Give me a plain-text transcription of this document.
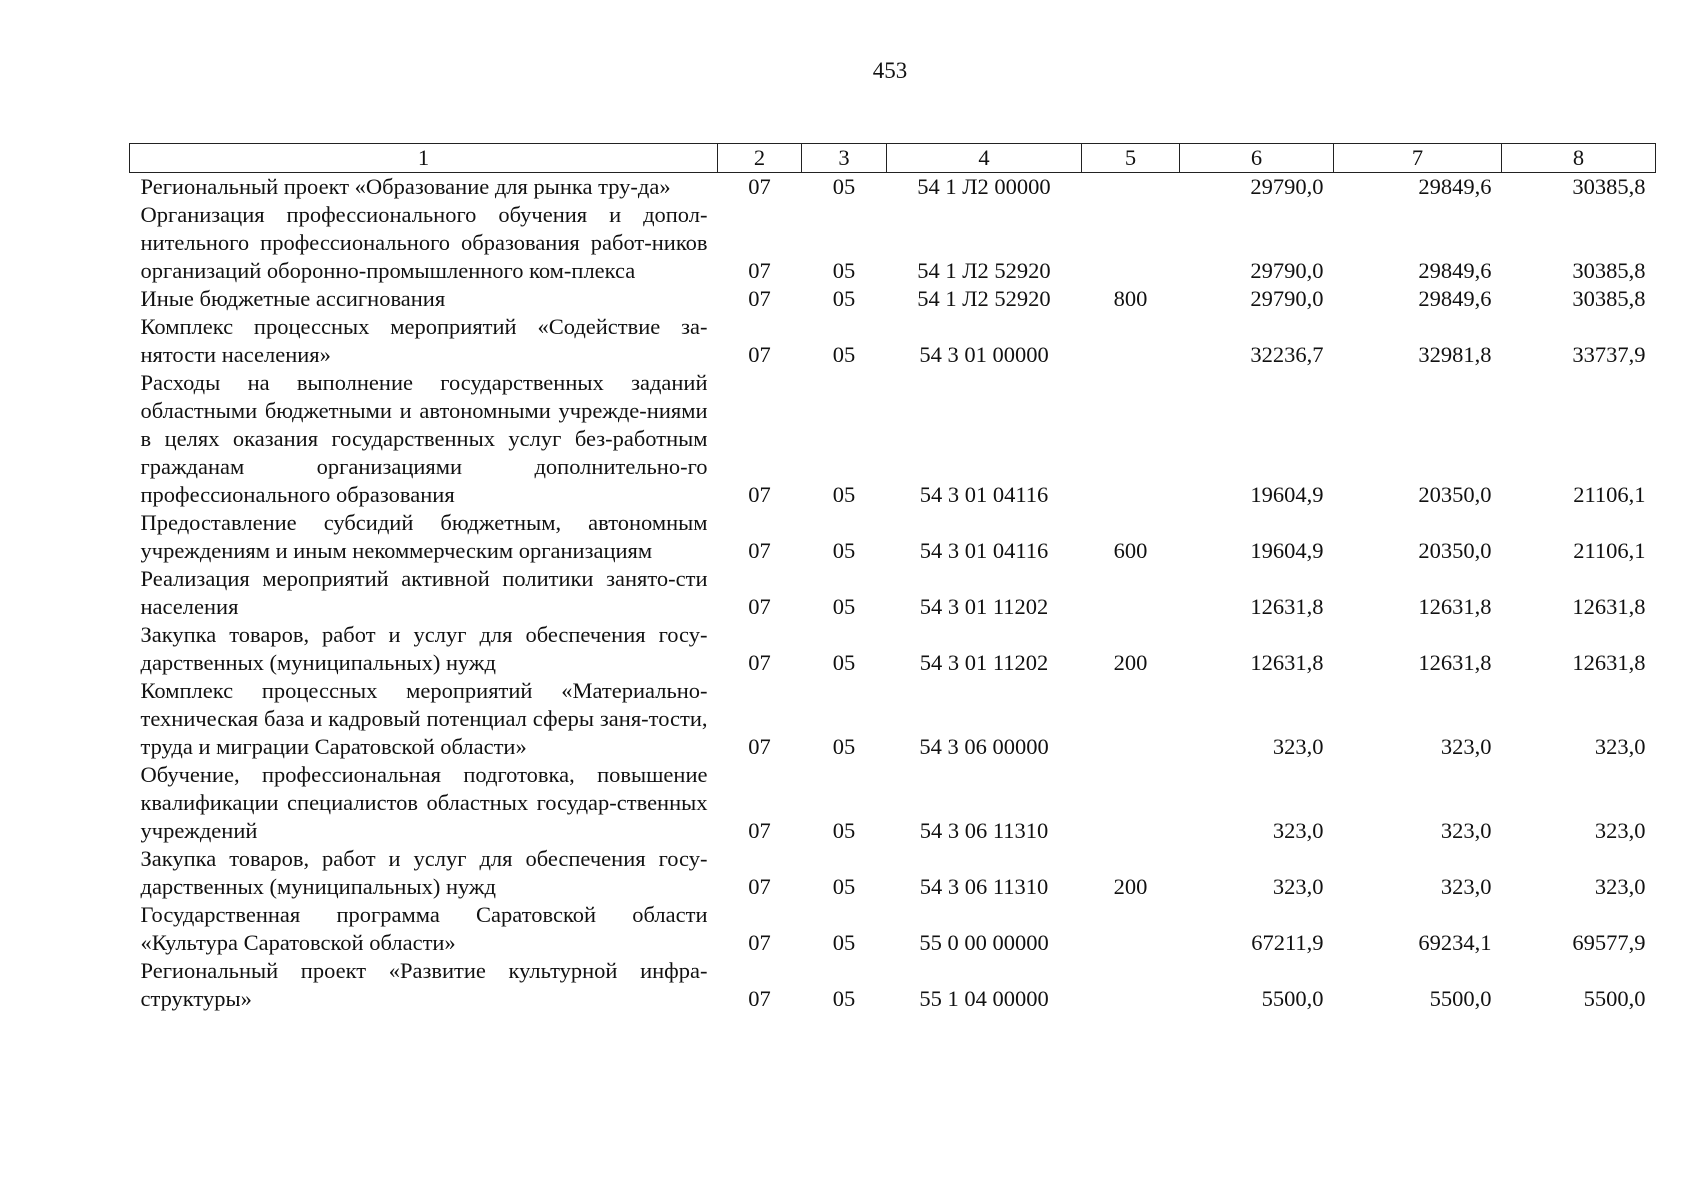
453
1	2	3	4	5	6	7	8
Региональный проект «Образование для рынка тру-да»	07	05	54 1 Л2 00000		29790,0	29849,6	30385,8
Организация профессионального обучения и допол-нительного профессионального образования работ-ников организаций оборонно-промышленного ком-плекса	07	05	54 1 Л2 52920		29790,0	29849,6	30385,8
Иные бюджетные ассигнования	07	05	54 1 Л2 52920	800	29790,0	29849,6	30385,8
Комплекс процессных мероприятий «Содействие за-нятости населения»	07	05	54 3 01 00000		32236,7	32981,8	33737,9
Расходы на выполнение государственных заданий областными бюджетными и автономными учрежде-ниями в целях оказания государственных услуг без-работным гражданам организациями дополнительно-го профессионального образования	07	05	54 3 01 04116		19604,9	20350,0	21106,1
Предоставление субсидий бюджетным, автономным учреждениям и иным некоммерческим организациям	07	05	54 3 01 04116	600	19604,9	20350,0	21106,1
Реализация мероприятий активной политики занято-сти населения	07	05	54 3 01 11202		12631,8	12631,8	12631,8
Закупка товаров, работ и услуг для обеспечения госу-дарственных (муниципальных) нужд	07	05	54 3 01 11202	200	12631,8	12631,8	12631,8
Комплекс процессных мероприятий «Материально-техническая база и кадровый потенциал сферы заня-тости, труда и миграции Саратовской области»	07	05	54 3 06 00000		323,0	323,0	323,0
Обучение, профессиональная подготовка, повышение квалификации специалистов областных государ-ственных учреждений	07	05	54 3 06 11310		323,0	323,0	323,0
Закупка товаров, работ и услуг для обеспечения госу-дарственных (муниципальных) нужд	07	05	54 3 06 11310	200	323,0	323,0	323,0
Государственная программа Саратовской области «Культура Саратовской области»	07	05	55 0 00 00000		67211,9	69234,1	69577,9
Региональный проект «Развитие культурной инфра-структуры»	07	05	55 1 04 00000		5500,0	5500,0	5500,0
